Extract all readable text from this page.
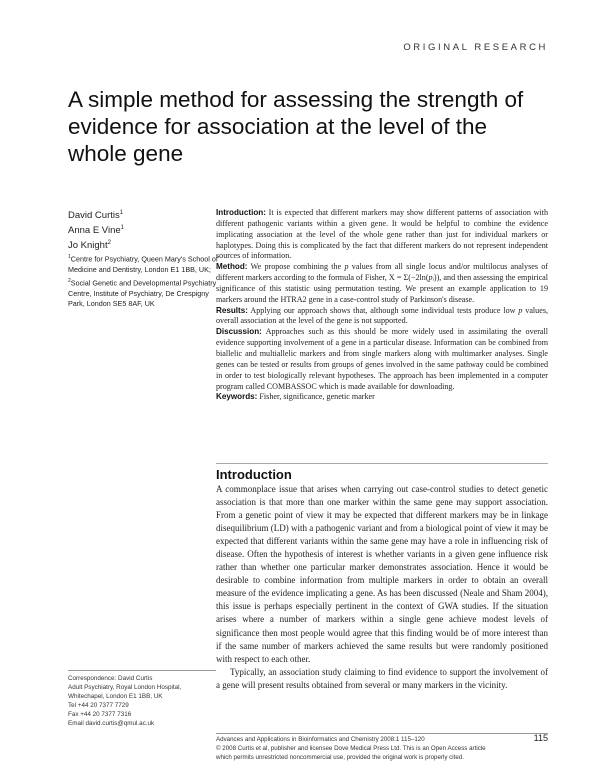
ORIGINAL RESEARCH
A simple method for assessing the strength of evidence for association at the level of the whole gene
David Curtis$^1$
Anna E Vine$^1$
Jo Knight$^2$
$^1$Centre for Psychiatry, Queen Mary's School of Medicine and Dentistry, London E1 1BB, UK; $^2$Social Genetic and Developmental Psychiatry Centre, Institute of Psychiatry, De Crespigny Park, London SE5 8AF, UK
Correspondence: David Curtis
Adult Psychiatry, Royal London Hospital,
Whitechapel, London E1 1BB, UK
Tel +44 20 7377 7729
Fax +44 20 7377 7316
Email david.curtis@qmul.ac.uk

Introduction: It is expected that different markers may show different patterns of association with different pathogenic variants within a given gene. It would be helpful to combine the evidence implicating association at the level of the whole gene rather than just for individual markers or haplotypes. Doing this is complicated by the fact that different markers do not represent independent sources of information.

Method: We propose combining the p values from all single locus and/or multilocus analyses of different markers according to the formula of Fisher, X = Σ(−2ln(pᵢ)), and then assessing the empirical significance of this statistic using permutation testing. We present an example application to 19 markers around the HTRA2 gene in a case-control study of Parkinson's disease.

Results: Applying our approach shows that, although some individual tests produce low p values, overall association at the level of the gene is not supported.

Discussion: Approaches such as this should be more widely used in assimilating the overall evidence supporting involvement of a gene in a particular disease. Information can be combined from biallelic and multiallelic markers and from single markers along with multimarker analyses. Single genes can be tested or results from groups of genes involved in the same pathway could be combined in order to test biologically relevant hypotheses. The approach has been implemented in a computer program called COMBASSOC which is made available for downloading.

Keywords: Fisher, significance, genetic marker

Introduction

A commonplace issue that arises when carrying out case-control studies to detect genetic association is that more than one marker within the same gene may support association. From a genetic point of view it may be expected that different markers may be in linkage disequilibrium (LD) with a pathogenic variant and from a biological point of view it may be expected that different variants within the same gene may have a role in influencing risk of disease. Often the hypothesis of interest is whether variants in a given gene influence risk rather than whether one particular marker demonstrates association. Hence it would be desirable to combine information from multiple markers in order to obtain an overall measure of the evidence implicating a gene. As has been discussed (Neale and Sham 2004), this issue is perhaps especially pertinent in the context of GWA studies. If the situation arises where a number of markers within a single gene achieve modest levels of significance then most people would agree that this finding would be of more interest than if the same number of markers achieved the same results but were randomly positioned with respect to each other.

Typically, an association study claiming to find evidence to support the involvement of a gene will present results obtained from several or many markers in the vicinity.

Advances and Applications in Bioinformatics and Chemistry 2008:1 115–120
© 2008 Curtis et al, publisher and licensee Dove Medical Press Ltd. This is an Open Access article
which permits unrestricted noncommercial use, provided the original work is properly cited.
115
